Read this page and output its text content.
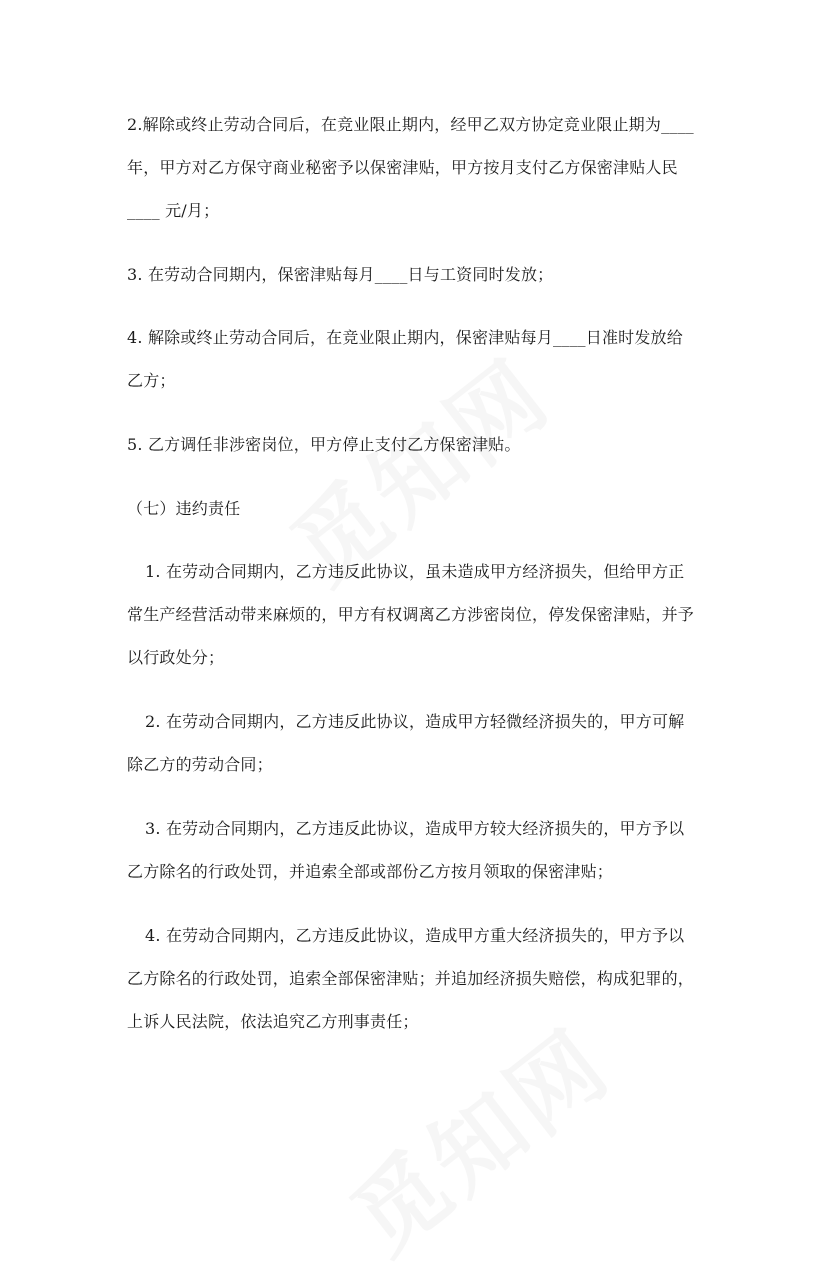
2.解除或终止劳动合同后，在竞业限止期内，经甲乙双方协定竞业限止期为____
年，甲方对乙方保守商业秘密予以保密津贴，甲方按月支付乙方保密津贴人民
____ 元/月；
3. 在劳动合同期内，保密津贴每月____日与工资同时发放；
4. 解除或终止劳动合同后，在竞业限止期内，保密津贴每月____日准时发放给
乙方；
5. 乙方调任非涉密岗位，甲方停止支付乙方保密津贴。
（七）违约责任
1. 在劳动合同期内，乙方违反此协议，虽未造成甲方经济损失，但给甲方正
常生产经营活动带来麻烦的，甲方有权调离乙方涉密岗位，停发保密津贴，并予
以行政处分；
2. 在劳动合同期内，乙方违反此协议，造成甲方轻微经济损失的，甲方可解
除乙方的劳动合同；
3. 在劳动合同期内，乙方违反此协议，造成甲方较大经济损失的，甲方予以
乙方除名的行政处罚，并追索全部或部份乙方按月领取的保密津贴；
4. 在劳动合同期内，乙方违反此协议，造成甲方重大经济损失的，甲方予以
乙方除名的行政处罚，追索全部保密津贴；并追加经济损失赔偿，构成犯罪的，
上诉人民法院，依法追究乙方刑事责任；
